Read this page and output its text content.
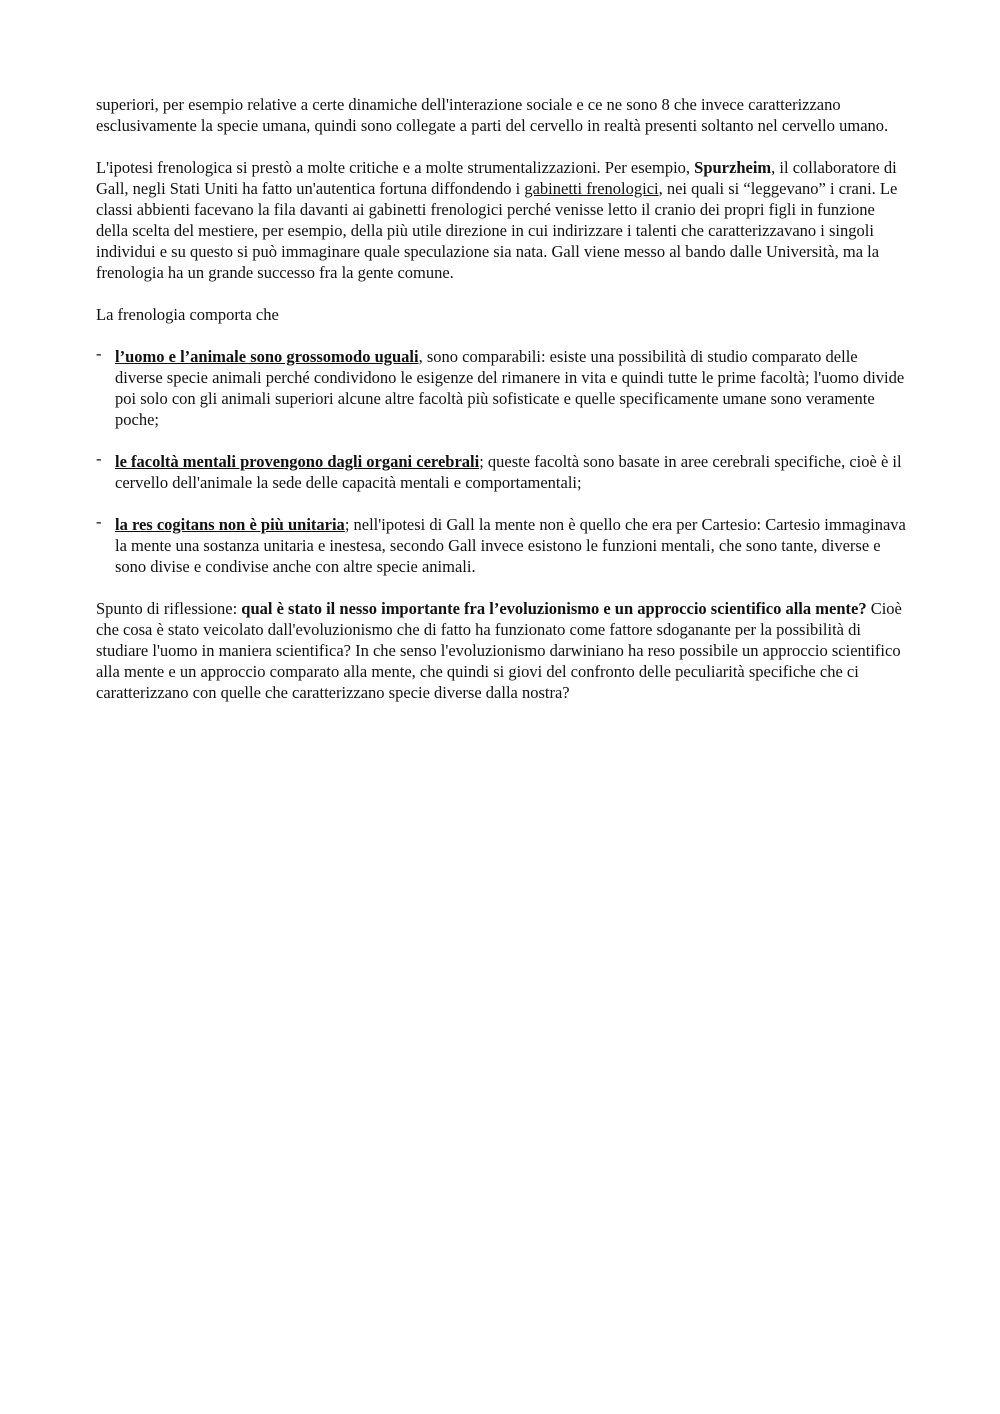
superiori, per esempio relative a certe dinamiche dell'interazione sociale e ce ne sono 8 che invece caratterizzano esclusivamente la specie umana, quindi sono collegate a parti del cervello in realtà presenti soltanto nel cervello umano.

L'ipotesi frenologica si prestò a molte critiche e a molte strumentalizzazioni. Per esempio, Spurzheim, il collaboratore di Gall, negli Stati Uniti ha fatto un'autentica fortuna diffondendo i gabinetti frenologici, nei quali si “leggevano” i crani. Le classi abbienti facevano la fila davanti ai gabinetti frenologici perché venisse letto il cranio dei propri figli in funzione della scelta del mestiere, per esempio, della più utile direzione in cui indirizzare i talenti che caratterizzavano i singoli individui e su questo si può immaginare quale speculazione sia nata. Gall viene messo al bando dalle Università, ma la frenologia ha un grande successo fra la gente comune.

La frenologia comporta che

- l’uomo e l’animale sono grossomodo uguali, sono comparabili: esiste una possibilità di studio comparato delle diverse specie animali perché condividono le esigenze del rimanere in vita e quindi tutte le prime facoltà; l'uomo divide poi solo con gli animali superiori alcune altre facoltà più sofisticate e quelle specificamente umane sono veramente poche;
- le facoltà mentali provengono dagli organi cerebrali; queste facoltà sono basate in aree cerebrali specifiche, cioè è il cervello dell'animale la sede delle capacità mentali e comportamentali;
- la res cogitans non è più unitaria; nell'ipotesi di Gall la mente non è quello che era per Cartesio: Cartesio immaginava la mente una sostanza unitaria e inestesa, secondo Gall invece esistono le funzioni mentali, che sono tante, diverse e sono divise e condivise anche con altre specie animali.

Spunto di riflessione: qual è stato il nesso importante fra l’evoluzionismo e un approccio scientifico alla mente? Cioè che cosa è stato veicolato dall'evoluzionismo che di fatto ha funzionato come fattore sdoganante per la possibilità di studiare l'uomo in maniera scientifica? In che senso l'evoluzionismo darwiniano ha reso possibile un approccio scientifico alla mente e un approccio comparato alla mente, che quindi si giovi del confronto delle peculiarità specifiche che ci caratterizzano con quelle che caratterizzano specie diverse dalla nostra?
